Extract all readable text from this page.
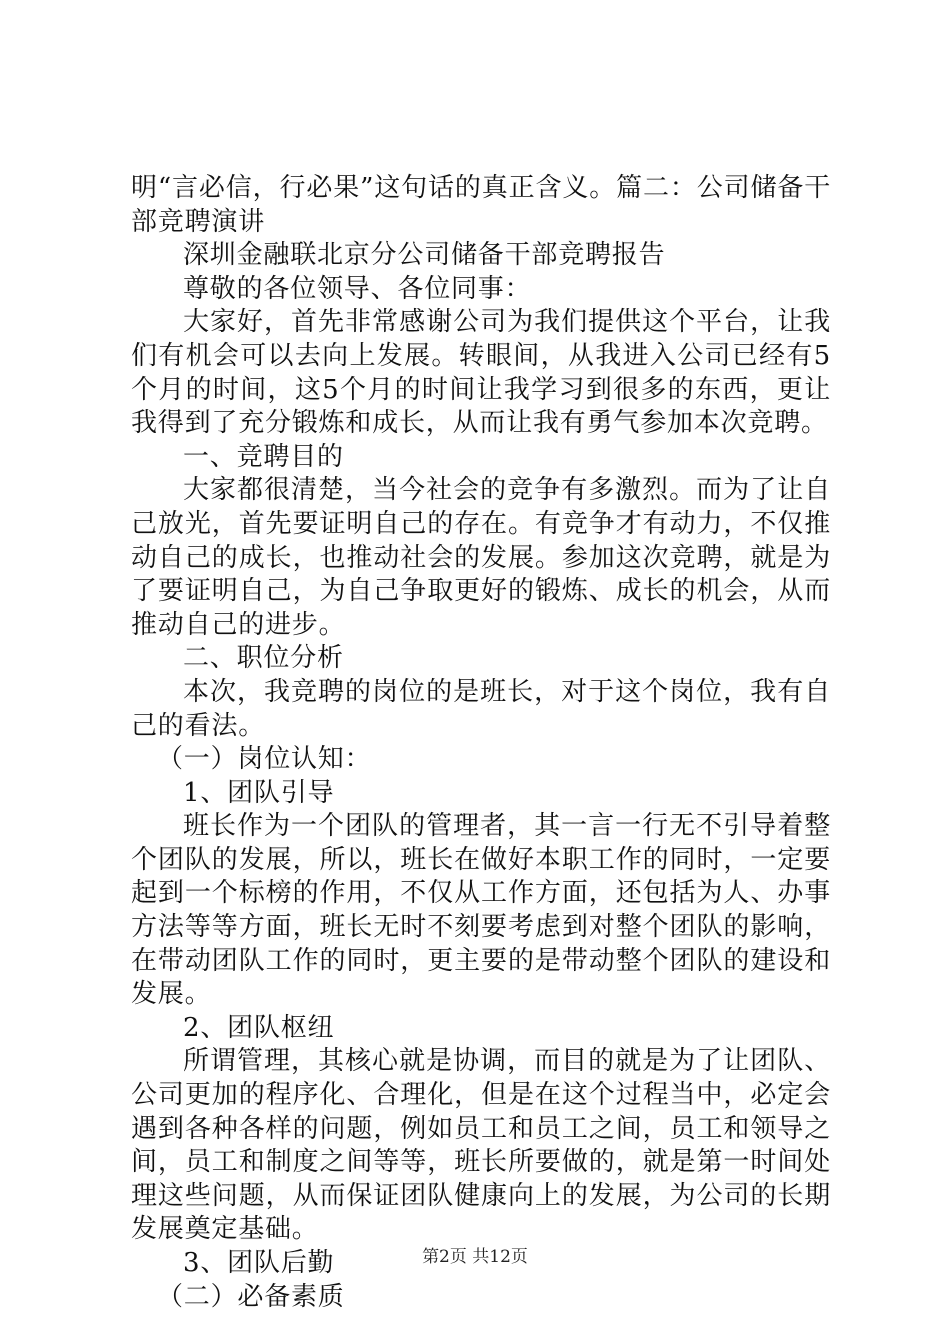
明“言必信，行必果”这句话的真正含义。篇二：公司储备干部竞聘演讲

深圳金融联北京分公司储备干部竞聘报告

尊敬的各位领导、各位同事：

大家好，首先非常感谢公司为我们提供这个平台，让我们有机会可以去向上发展。转眼间，从我进入公司已经有5个月的时间，这5个月的时间让我学习到很多的东西，更让我得到了充分锻炼和成长，从而让我有勇气参加本次竞聘。

一、竞聘目的

大家都很清楚，当今社会的竞争有多激烈。而为了让自己放光，首先要证明自己的存在。有竞争才有动力，不仅推动自己的成长，也推动社会的发展。参加这次竞聘，就是为了要证明自己，为自己争取更好的锻炼、成长的机会，从而推动自己的进步。

二、职位分析

本次，我竞聘的岗位的是班长，对于这个岗位，我有自己的看法。

（一）岗位认知：

1、团队引导

班长作为一个团队的管理者，其一言一行无不引导着整个团队的发展，所以，班长在做好本职工作的同时，一定要起到一个标榜的作用，不仅从工作方面，还包括为人、办事方法等等方面，班长无时不刻要考虑到对整个团队的影响，在带动团队工作的同时，更主要的是带动整个团队的建设和发展。

2、团队枢纽

所谓管理，其核心就是协调，而目的就是为了让团队、公司更加的程序化、合理化，但是在这个过程当中，必定会遇到各种各样的问题，例如员工和员工之间，员工和领导之间，员工和制度之间等等，班长所要做的，就是第一时间处理这些问题，从而保证团队健康向上的发展，为公司的长期发展奠定基础。

3、团队后勤

（二）必备素质

第2页 共12页
